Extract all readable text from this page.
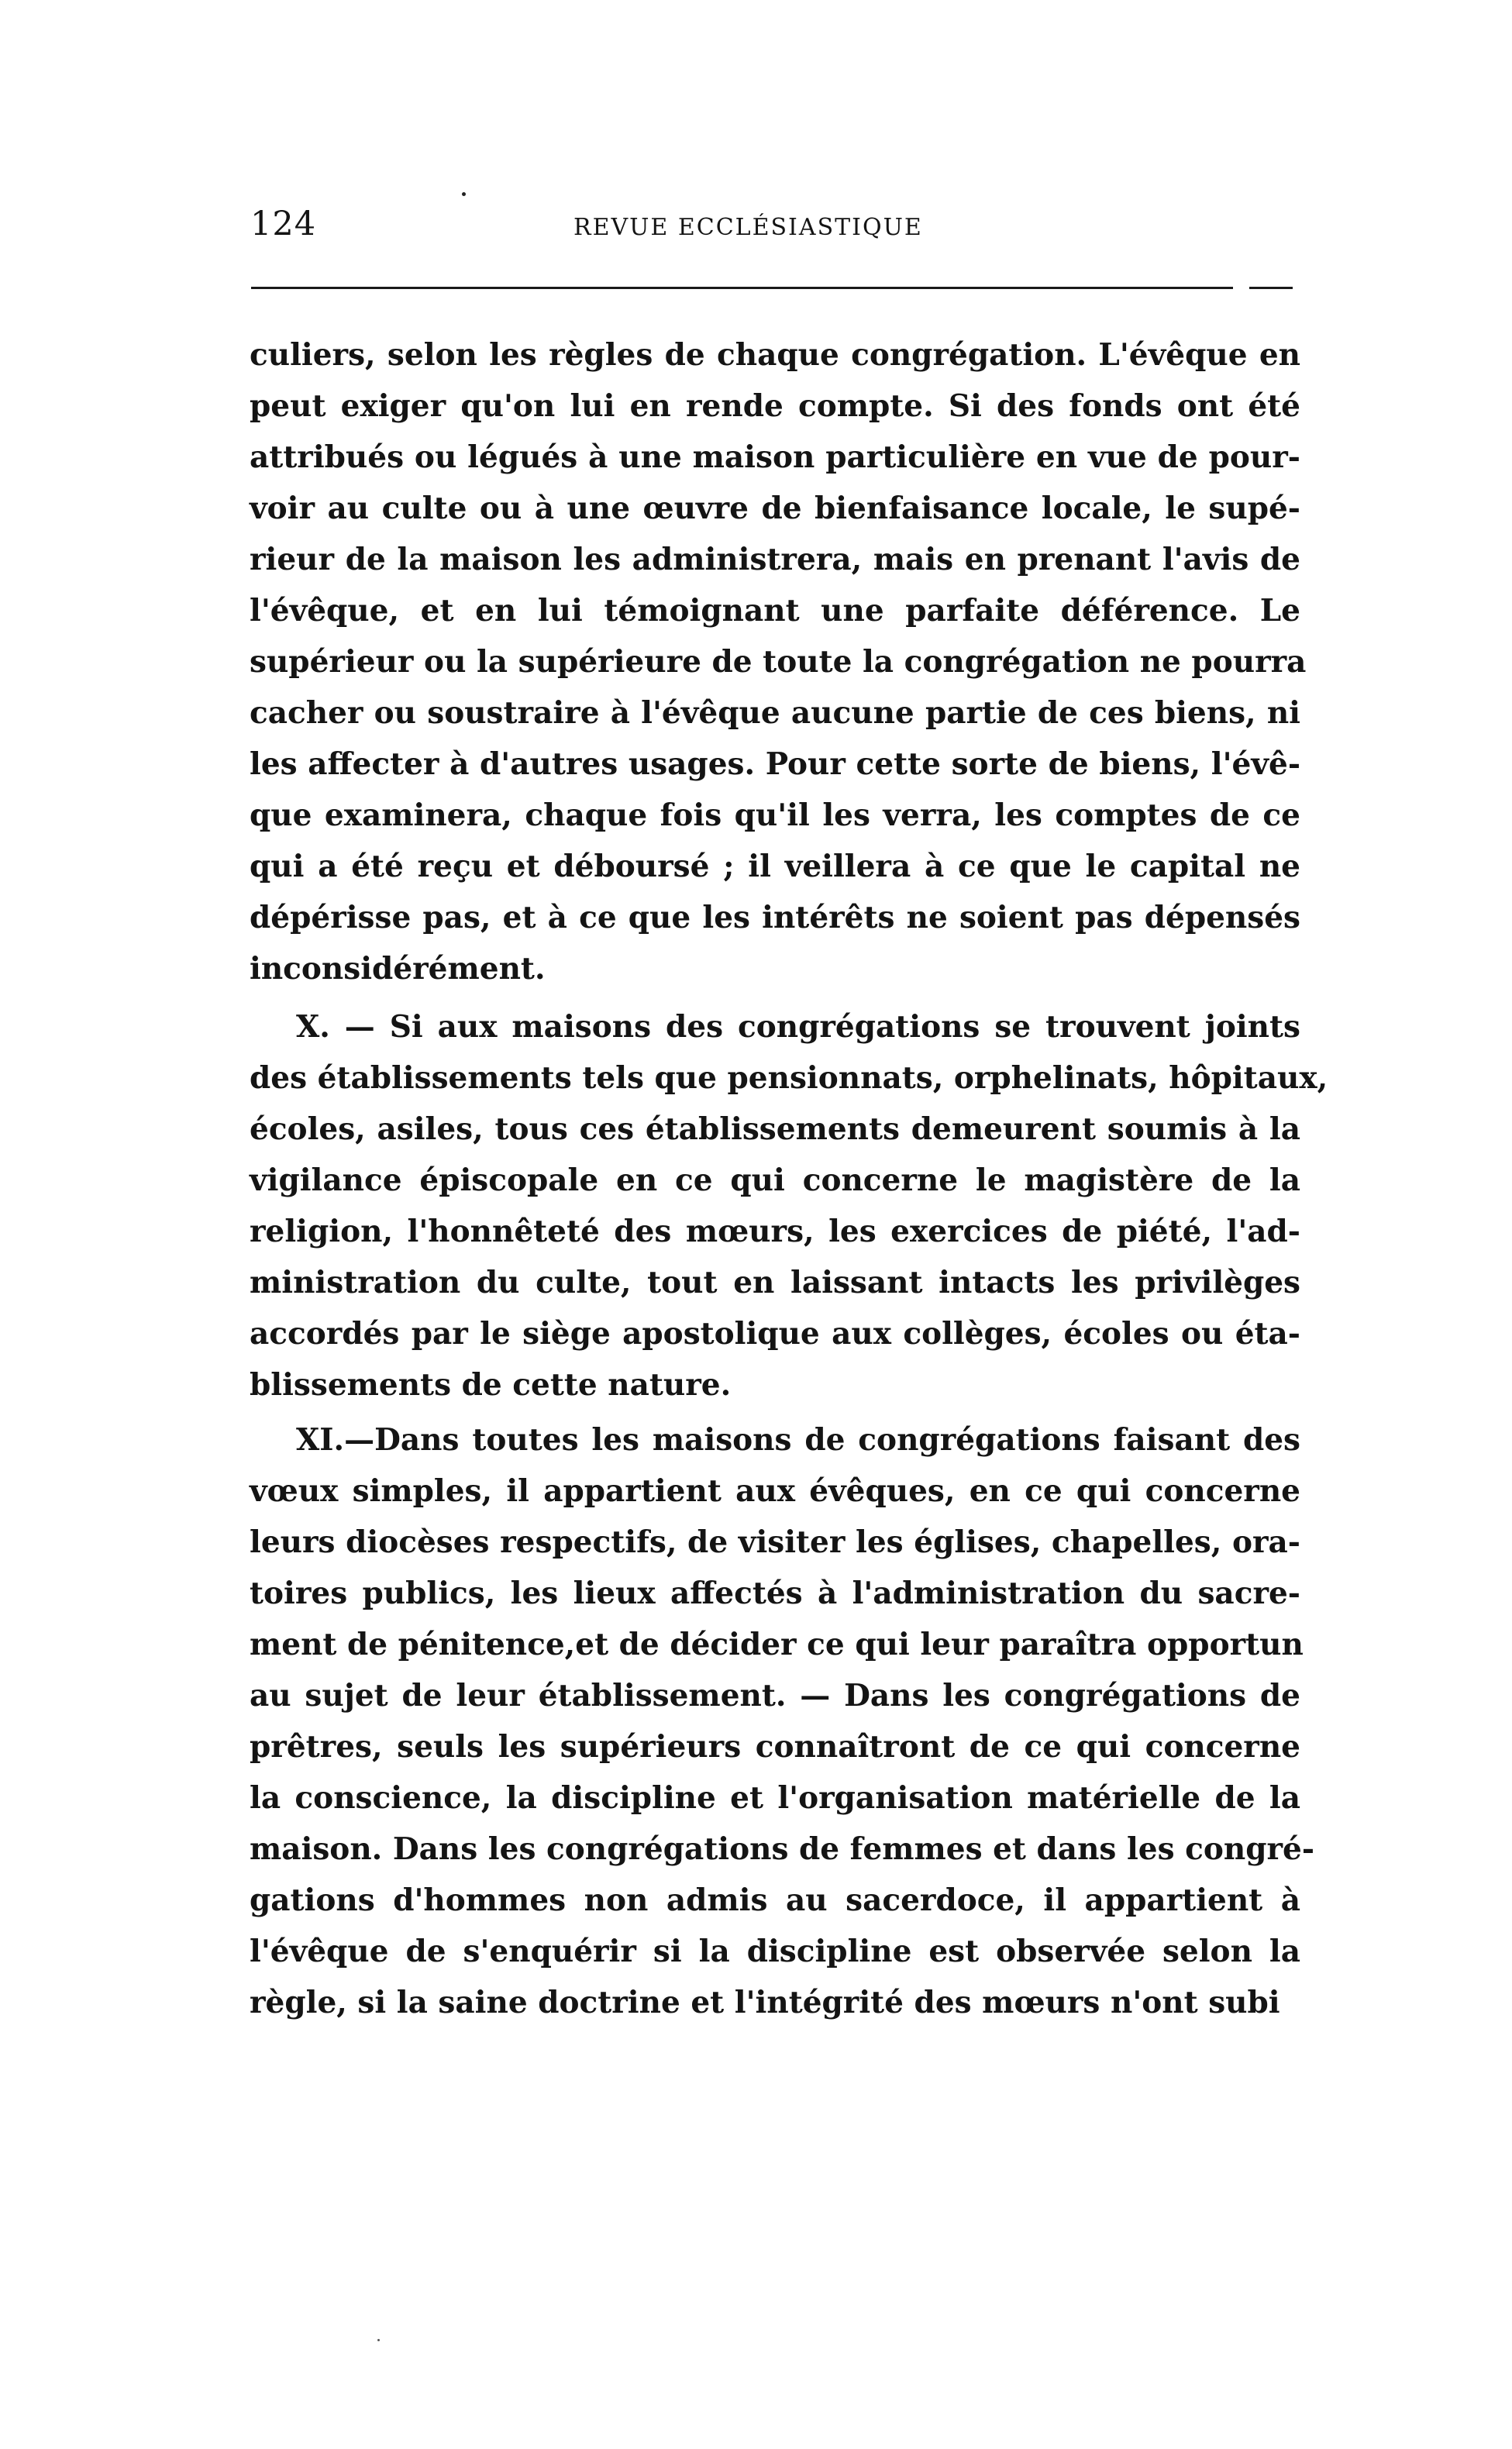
124	REVUE ECCLÉSIASTIQUE
culiers, selon les règles de chaque congrégation. L'évêque en
peut exiger qu'on lui en rende compte. Si des fonds ont été
attribués ou légués à une maison particulière en vue de pour-
voir au culte ou à une œuvre de bienfaisance locale, le supé-
rieur de la maison les administrera, mais en prenant l'avis de
l'évêque, et en lui témoignant une parfaite déférence. Le
supérieur ou la supérieure de toute la congrégation ne pourra
cacher ou soustraire à l'évêque aucune partie de ces biens, ni
les affecter à d'autres usages. Pour cette sorte de biens, l'évê-
que examinera, chaque fois qu'il les verra, les comptes de ce
qui a été reçu et déboursé ; il veillera à ce que le capital ne
dépérisse pas, et à ce que les intérêts ne soient pas dépensés
inconsidérément.
X. — Si aux maisons des congrégations se trouvent joints
des établissements tels que pensionnats, orphelinats, hôpitaux,
écoles, asiles, tous ces établissements demeurent soumis à la
vigilance épiscopale en ce qui concerne le magistère de la
religion, l'honnêteté des mœurs, les exercices de piété, l'ad-
ministration du culte, tout en laissant intacts les privilèges
accordés par le siège apostolique aux collèges, écoles ou éta-
blissements de cette nature.
XI.—Dans toutes les maisons de congrégations faisant des
vœux simples, il appartient aux évêques, en ce qui concerne
leurs diocèses respectifs, de visiter les églises, chapelles, ora-
toires publics, les lieux affectés à l'administration du sacre-
ment de pénitence,et de décider ce qui leur paraîtra opportun
au sujet de leur établissement. — Dans les congrégations de
prêtres, seuls les supérieurs connaîtront de ce qui concerne
la conscience, la discipline et l'organisation matérielle de la
maison. Dans les congrégations de femmes et dans les congré-
gations d'hommes non admis au sacerdoce, il appartient à
l'évêque de s'enquérir si la discipline est observée selon la
règle, si la saine doctrine et l'intégrité des mœurs n'ont subi
